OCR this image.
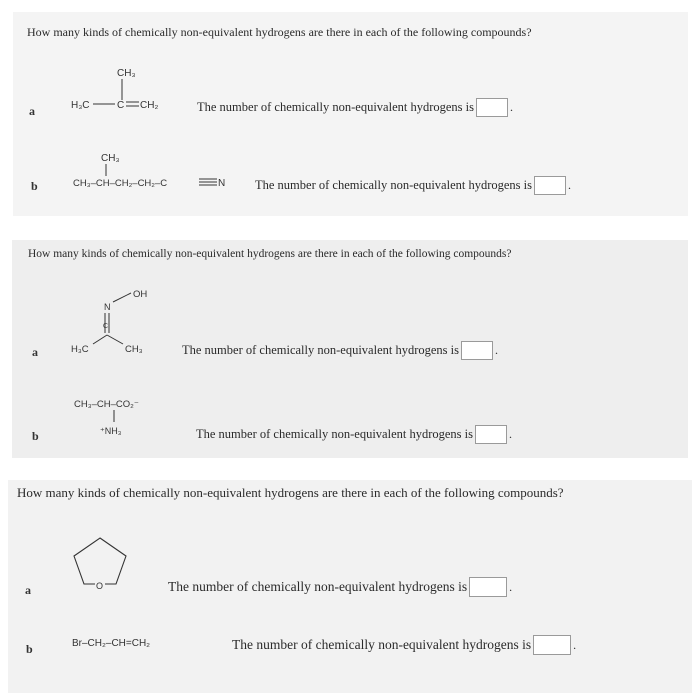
How many kinds of chemically non-equivalent hydrogens are there in each of the following compounds?
a
CH₃
H₃C	C CH₂	The number of chemically non-equivalent hydrogens is	.
b
CH₃
CH₃–CH–CH₂–CH₂–C	N The number of chemically non-equivalent hydrogens is	.
How many kinds of chemically non-equivalent hydrogens are there in each of the following compounds?
a
OH
N
C
H₃C	CH₃	The number of chemically non-equivalent hydrogens is	.
b
CH₃–CH–CO₂⁻
⁺NH₃	The number of chemically non-equivalent hydrogens is	.
How many kinds of chemically non-equivalent hydrogens are there in each of the following compounds?
a	O	The number of chemically non-equivalent hydrogens is	.
b	Br–CH₂–CH=CH₂	The number of chemically non-equivalent hydrogens is	.
